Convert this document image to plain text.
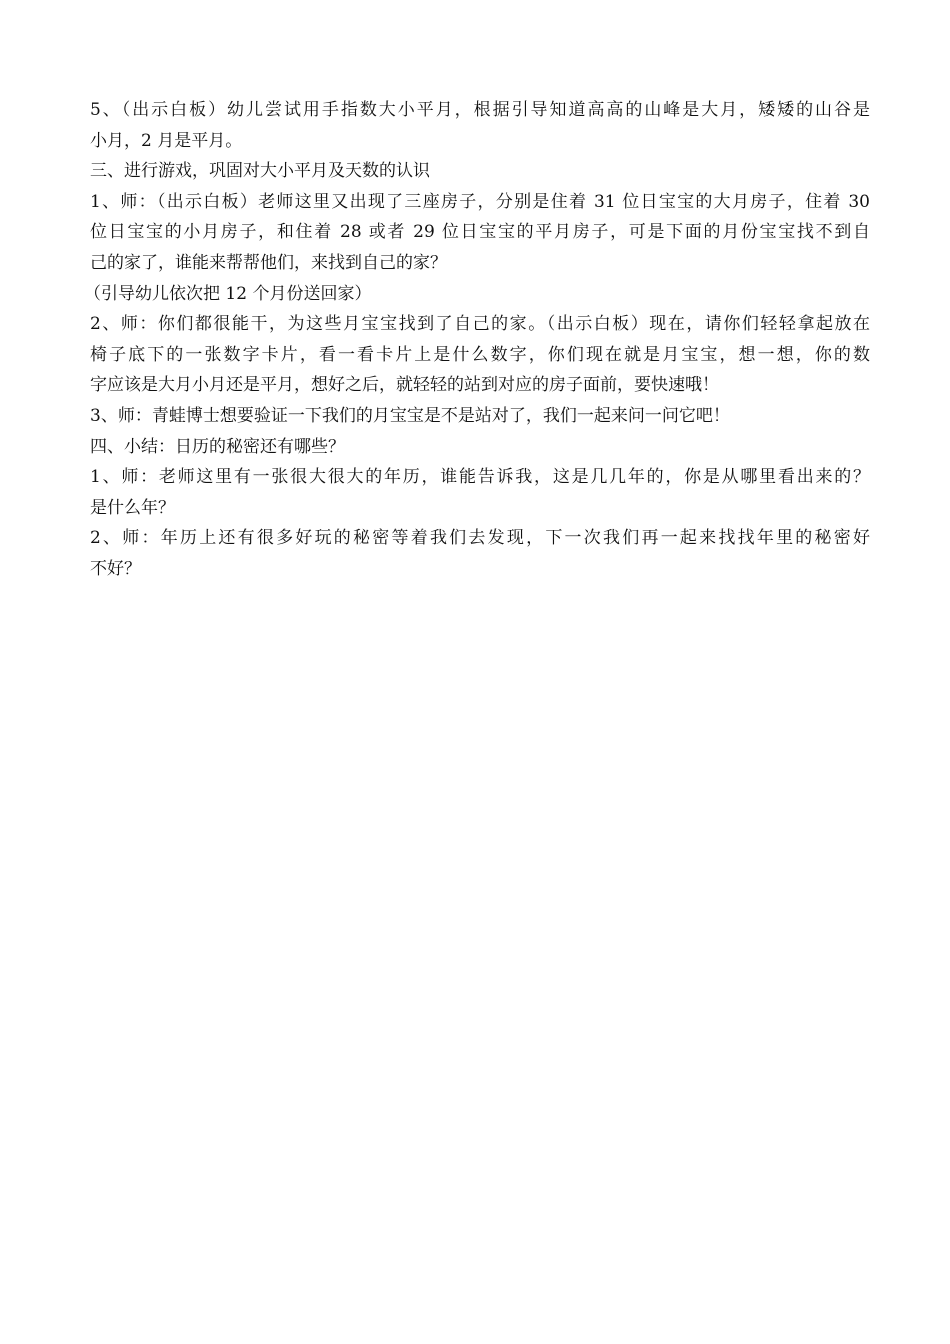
5、（出示白板）幼儿尝试用手指数大小平月，根据引导知道高高的山峰是大月，矮矮的山谷是
小月，2 月是平月。
三、进行游戏，巩固对大小平月及天数的认识
1、师：（出示白板）老师这里又出现了三座房子，分别是住着 31 位日宝宝的大月房子，住着 30
位日宝宝的小月房子，和住着 28 或者 29 位日宝宝的平月房子，可是下面的月份宝宝找不到自
己的家了，谁能来帮帮他们，来找到自己的家？
（引导幼儿依次把 12 个月份送回家）
2、师：你们都很能干，为这些月宝宝找到了自己的家。（出示白板）现在，请你们轻轻拿起放在
椅子底下的一张数字卡片，看一看卡片上是什么数字，你们现在就是月宝宝，想一想，你的数
字应该是大月小月还是平月，想好之后，就轻轻的站到对应的房子面前，要快速哦！
3、师：青蛙博士想要验证一下我们的月宝宝是不是站对了，我们一起来问一问它吧！
四、小结：日历的秘密还有哪些？
1、师：老师这里有一张很大很大的年历，谁能告诉我，这是几几年的，你是从哪里看出来的？
是什么年？
2、师：年历上还有很多好玩的秘密等着我们去发现，下一次我们再一起来找找年里的秘密好
不好？
